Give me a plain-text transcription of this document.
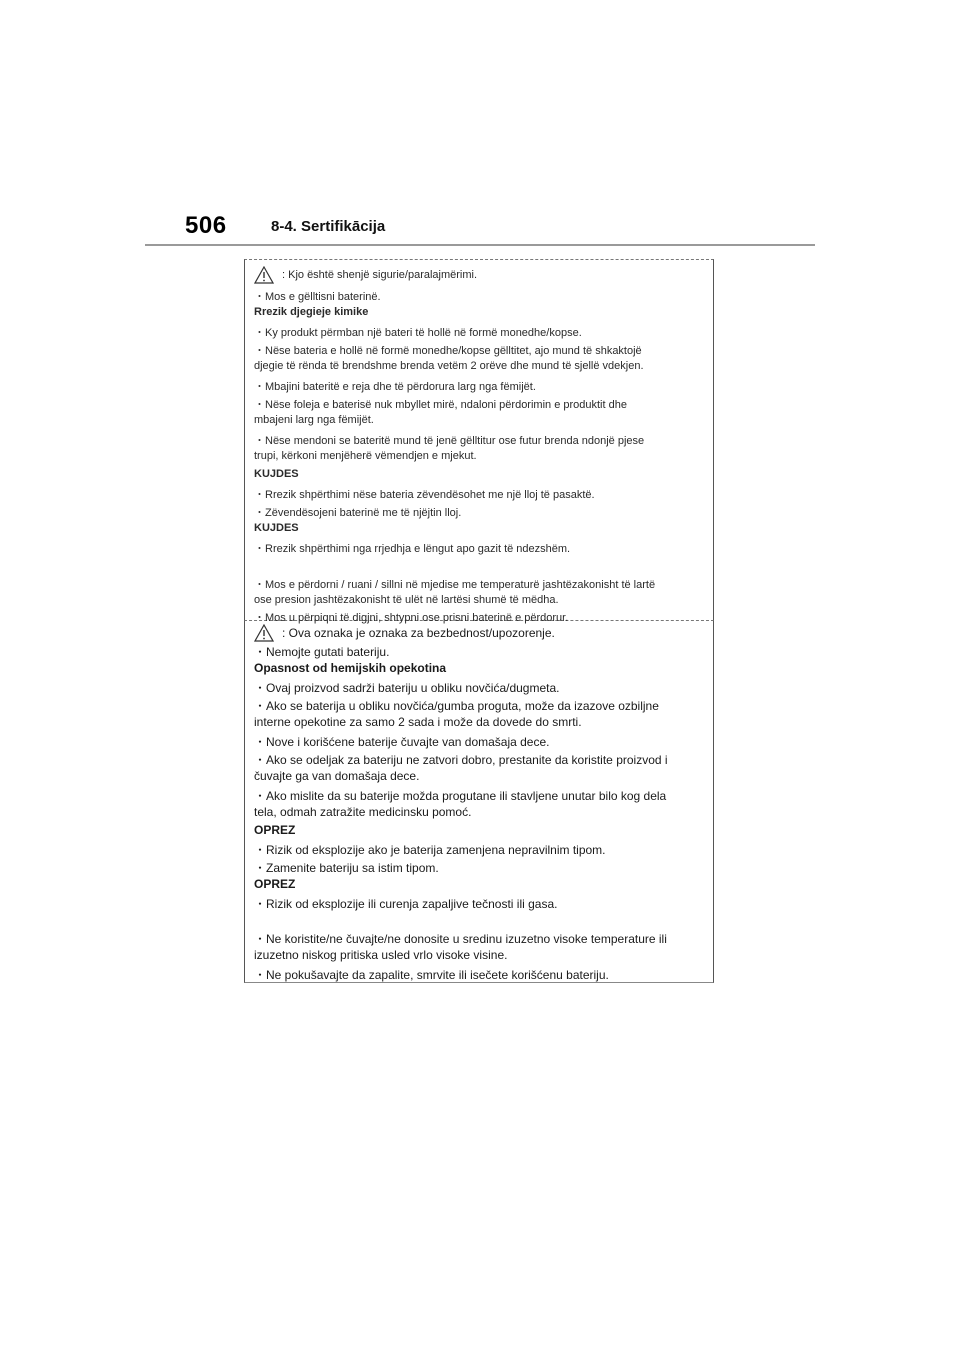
506	8-4. Sertifikācija
: Kjo është shenjë sigurie/paralajmërimi.
・Mos e gëlltisni baterinë.
Rrezik djegieje kimike
・Ky produkt përmban një bateri të hollë në formë monedhe/kopse.
・Nëse bateria e hollë në formë monedhe/kopse gëlltitet, ajo mund të shkaktojë
djegie të rënda të brendshme brenda vetëm 2 orëve dhe mund të sjellë vdekjen.
・Mbajini bateritë e reja dhe të përdorura larg nga fëmijët.
・Nëse foleja e baterisë nuk mbyllet mirë, ndaloni përdorimin e produktit dhe
mbajeni larg nga fëmijët.
・Nëse mendoni se bateritë mund të jenë gëlltitur ose futur brenda ndonjë pjese
trupi, kërkoni menjëherë vëmendjen e mjekut.
KUJDES
・Rrezik shpërthimi nëse bateria zëvendësohet me një lloj të pasaktë.
・Zëvendësojeni baterinë me të njëjtin lloj.
KUJDES
・Rrezik shpërthimi nga rrjedhja e lëngut apo gazit të ndezshëm.
・Mos e përdorni / ruani / sillni në mjedise me temperaturë jashtëzakonisht të lartë
ose presion jashtëzakonisht të ulët në lartësi shumë të mëdha.
・Mos u përpiqni të digjni, shtypni ose prisni baterinë e përdorur.
: Ova oznaka je oznaka za bezbednost/upozorenje.
・Nemojte gutati bateriju.
Opasnost od hemijskih opekotina
・Ovaj proizvod sadrži bateriju u obliku novčića/dugmeta.
・Ako se baterija u obliku novčića/gumba proguta, može da izazove ozbiljne
interne opekotine za samo 2 sada i može da dovede do smrti.
・Nove i korišćene baterije čuvajte van domašaja dece.
・Ako se odeljak za bateriju ne zatvori dobro, prestanite da koristite proizvod i
čuvajte ga van domašaja dece.
・Ako mislite da su baterije možda progutane ili stavljene unutar bilo kog dela
tela, odmah zatražite medicinsku pomoć.
OPREZ
・Rizik od eksplozije ako je baterija zamenjena nepravilnim tipom.
・Zamenite bateriju sa istim tipom.
OPREZ
・Rizik od eksplozije ili curenja zapaljive tečnosti ili gasa.
・Ne koristite/ne čuvajte/ne donosite u sredinu izuzetno visoke temperature ili
izuzetno niskog pritiska usled vrlo visoke visine.
・Ne pokušavajte da zapalite, smrvite ili isečete korišćenu bateriju.
